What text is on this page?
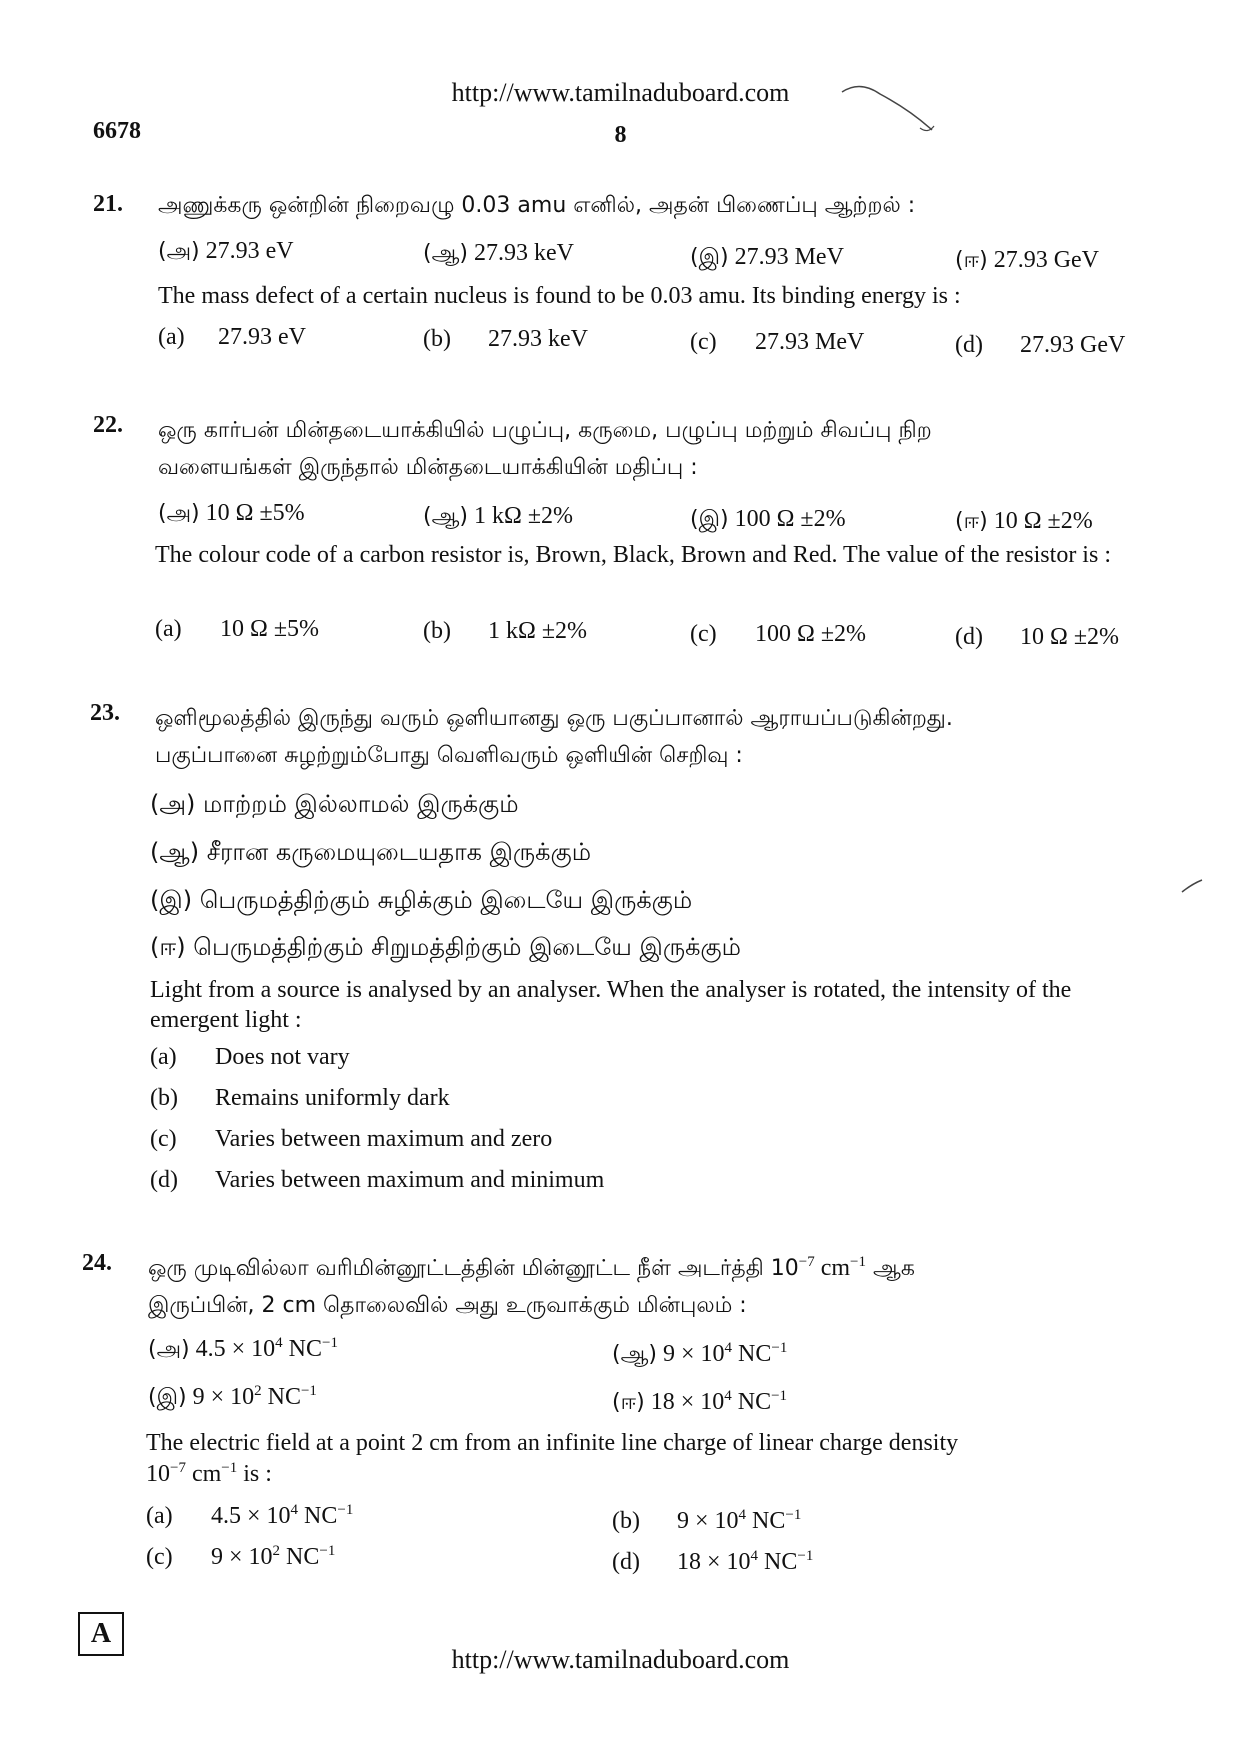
http://www.tamilnaduboard.com
6678	8
21. அணுக்கரு ஒன்றின் நிறைவழு 0.03 amu எனில், அதன் பிணைப்பு ஆற்றல் :
(அ) 27.93 eV	(ஆ) 27.93 keV	(இ) 27.93 MeV	(ஈ) 27.93 GeV
The mass defect of a certain nucleus is found to be 0.03 amu. Its binding energy is :
(a) 27.93 eV	(b) 27.93 keV	(c) 27.93 MeV	(d) 27.93 GeV
22. ஒரு கார்பன் மின்தடையாக்கியில் பழுப்பு, கருமை, பழுப்பு மற்றும் சிவப்பு நிற
வளையங்கள் இருந்தால் மின்தடையாக்கியின் மதிப்பு :
(அ) 10 Ω ±5%	(ஆ) 1 kΩ ±2%	(இ) 100 Ω ±2%	(ஈ) 10 Ω ±2%
The colour code of a carbon resistor is, Brown, Black, Brown and Red. The value of the resistor is :
(a) 10 Ω ±5%	(b) 1 kΩ ±2%	(c) 100 Ω ±2%	(d) 10 Ω ±2%
23. ஒளிமூலத்தில் இருந்து வரும் ஒளியானது ஒரு பகுப்பானால் ஆராயப்படுகின்றது.
பகுப்பானை சுழற்றும்போது வெளிவரும் ஒளியின் செறிவு :
(அ) மாற்றம் இல்லாமல் இருக்கும்
(ஆ) சீரான கருமையுடையதாக இருக்கும்
(இ) பெருமத்திற்கும் சுழிக்கும் இடையே இருக்கும்
(ஈ) பெருமத்திற்கும் சிறுமத்திற்கும் இடையே இருக்கும்
Light from a source is analysed by an analyser. When the analyser is rotated, the intensity of the emergent light :
(a) Does not vary
(b) Remains uniformly dark
(c) Varies between maximum and zero
(d) Varies between maximum and minimum
24. ஒரு முடிவில்லா வரிமின்னூட்டத்தின் மின்னூட்ட நீள் அடர்த்தி $10^{-7}$ $cm^{-1}$ ஆக
இருப்பின், 2 cm தொலைவில் அது உருவாக்கும் மின்புலம் :
(அ) $4.5 \times 10^4$ $NC^{-1}$	(ஆ) $9 \times 10^4$ $NC^{-1}$
(இ) $9 \times 10^2$ $NC^{-1}$	(ஈ) $18 \times 10^4$ $NC^{-1}$
The electric field at a point 2 cm from an infinite line charge of linear charge density
$10^{-7}$ $cm^{-1}$ is :
(a) $4.5 \times 10^4$ $NC^{-1}$	(b) $9 \times 10^4$ $NC^{-1}$
(c) $9 \times 10^2$ $NC^{-1}$	(d) $18 \times 10^4$ $NC^{-1}$
A
http://www.tamilnaduboard.com
